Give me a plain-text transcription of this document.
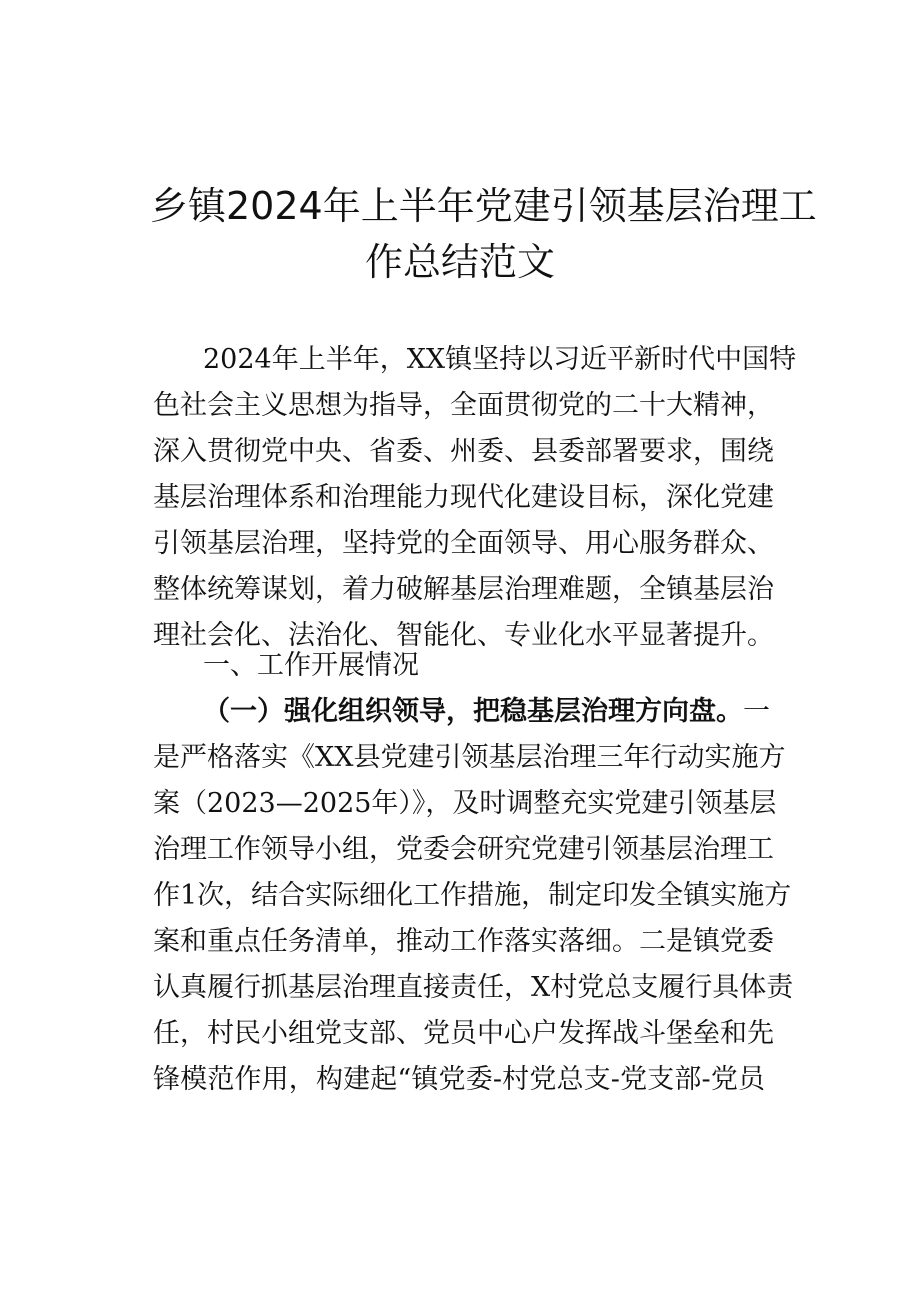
乡镇2024年上半年党建引领基层治理工
作总结范文
2024年上半年，XX镇坚持以习近平新时代中国特
色社会主义思想为指导，全面贯彻党的二十大精神，
深入贯彻党中央、省委、州委、县委部署要求，围绕
基层治理体系和治理能力现代化建设目标，深化党建
引领基层治理，坚持党的全面领导、用心服务群众、
整体统筹谋划，着力破解基层治理难题，全镇基层治
理社会化、法治化、智能化、专业化水平显著提升。
一、工作开展情况
（一）强化组织领导，把稳基层治理方向盘。 一
是严格落实《XX县党建引领基层治理三年行动实施方
案（2023—2025年）》，及时调整充实党建引领基层
治理工作领导小组，党委会研究党建引领基层治理工
作1次，结合实际细化工作措施，制定印发全镇实施方
案和重点任务清单，推动工作落实落细。二是镇党委
认真履行抓基层治理直接责任，X村党总支履行具体责
任，村民小组党支部、党员中心户发挥战斗堡垒和先
锋模范作用，构建起“镇党委-村党总支-党支部-党员
